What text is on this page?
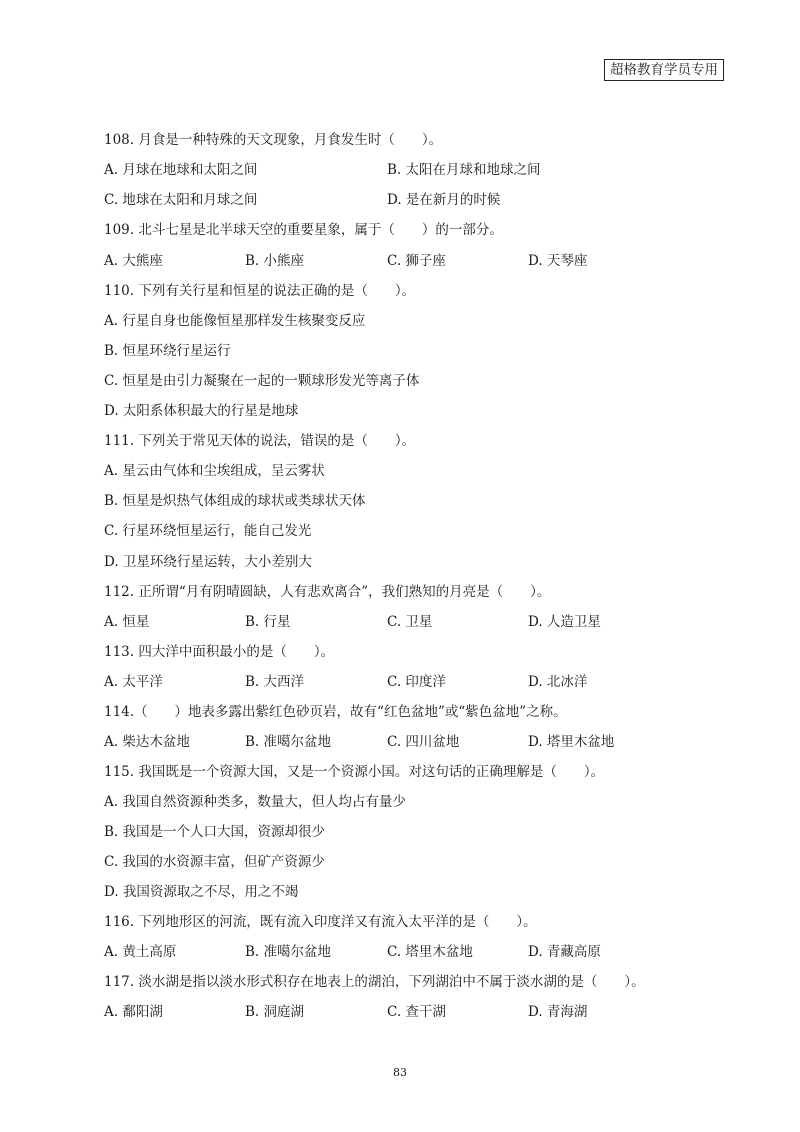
超格教育学员专用
108. 月食是一种特殊的天文现象，月食发生时（　　）。
A. 月球在地球和太阳之间	B. 太阳在月球和地球之间
C. 地球在太阳和月球之间	D. 是在新月的时候
109. 北斗七星是北半球天空的重要星象，属于（　　）的一部分。
A. 大熊座	B. 小熊座	C. 狮子座	D. 天琴座
110. 下列有关行星和恒星的说法正确的是（　　）。
A. 行星自身也能像恒星那样发生核聚变反应
B. 恒星环绕行星运行
C. 恒星是由引力凝聚在一起的一颗球形发光等离子体
D. 太阳系体积最大的行星是地球
111. 下列关于常见天体的说法，错误的是（　　）。
A. 星云由气体和尘埃组成，呈云雾状
B. 恒星是炽热气体组成的球状或类球状天体
C. 行星环绕恒星运行，能自己发光
D. 卫星环绕行星运转，大小差别大
112. 正所谓“月有阴晴圆缺，人有悲欢离合”，我们熟知的月亮是（　　）。
A. 恒星	B. 行星	C. 卫星	D. 人造卫星
113. 四大洋中面积最小的是（　　）。
A. 太平洋	B. 大西洋	C. 印度洋	D. 北冰洋
114.（　　）地表多露出紫红色砂页岩，故有“红色盆地”或“紫色盆地”之称。
A. 柴达木盆地	B. 准噶尔盆地	C. 四川盆地	D. 塔里木盆地
115. 我国既是一个资源大国，又是一个资源小国。对这句话的正确理解是（　　）。
A. 我国自然资源种类多，数量大，但人均占有量少
B. 我国是一个人口大国，资源却很少
C. 我国的水资源丰富，但矿产资源少
D. 我国资源取之不尽，用之不竭
116. 下列地形区的河流，既有流入印度洋又有流入太平洋的是（　　）。
A. 黄土高原	B. 准噶尔盆地	C. 塔里木盆地	D. 青藏高原
117. 淡水湖是指以淡水形式积存在地表上的湖泊，下列湖泊中不属于淡水湖的是（　　）。
A. 鄱阳湖	B. 洞庭湖	C. 查干湖	D. 青海湖
83
